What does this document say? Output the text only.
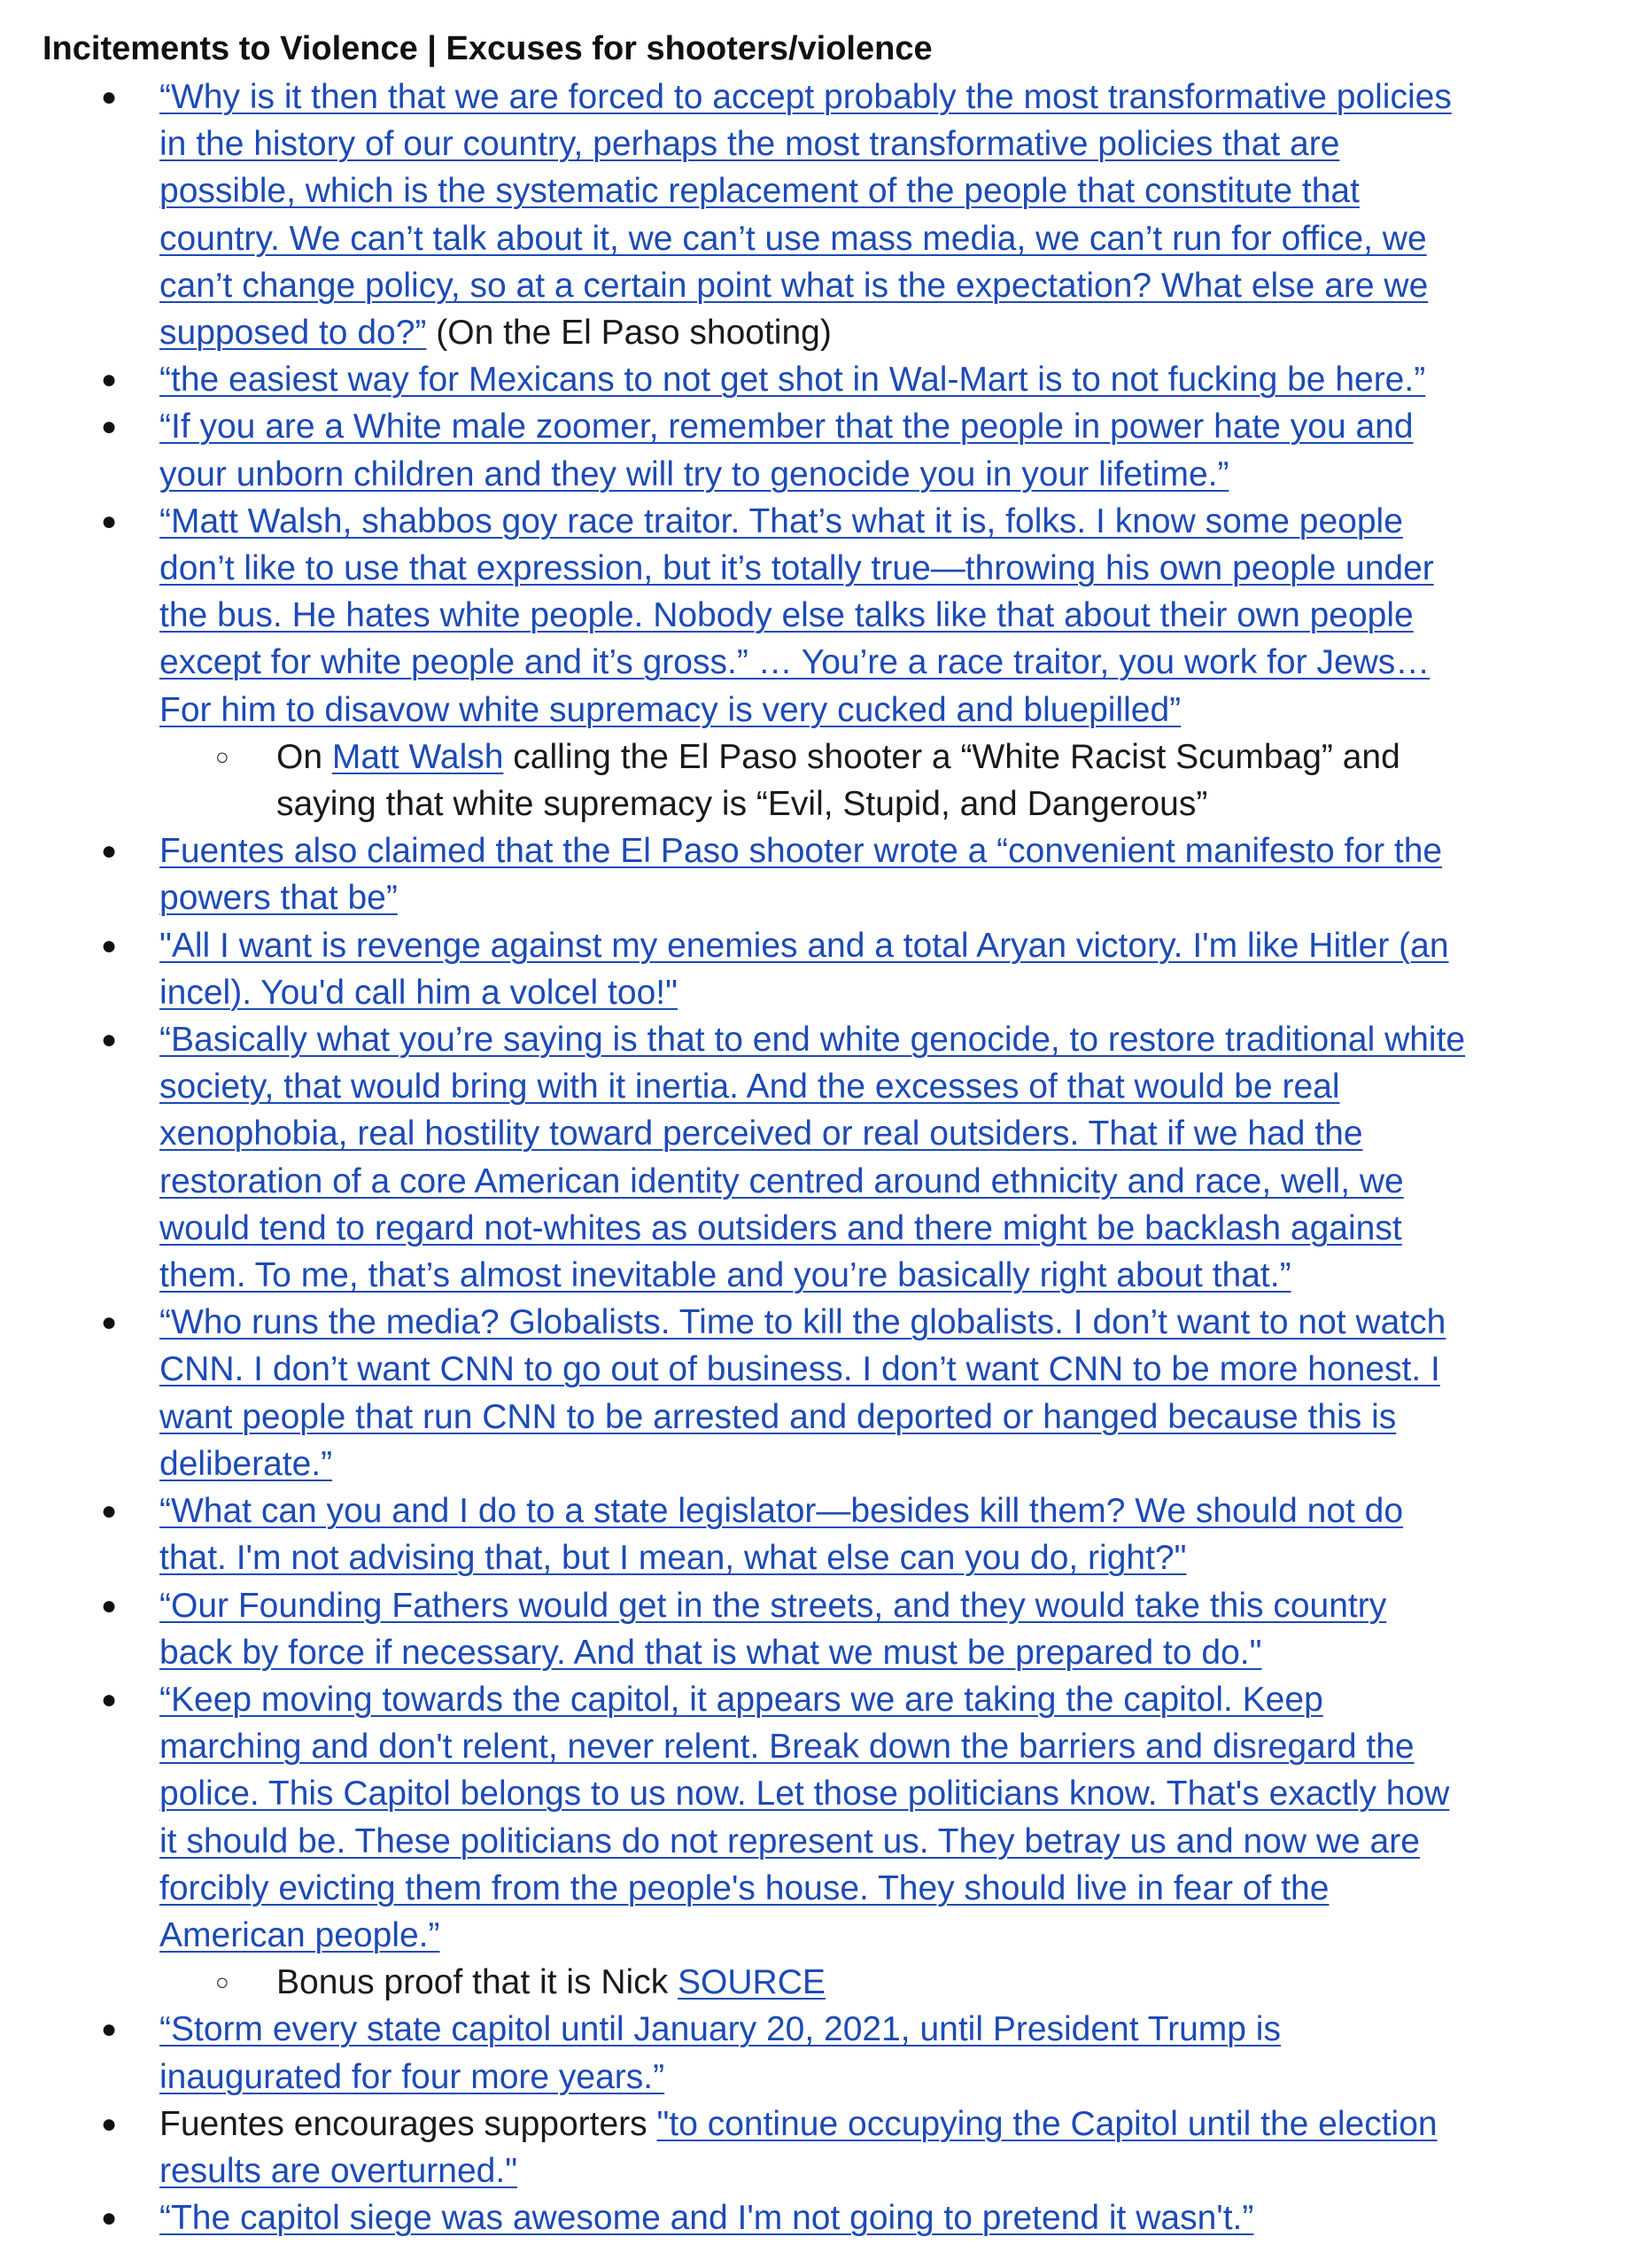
Incitements to Violence | Excuses for shooters/violence
● “Why is it then that we are forced to accept probably the most transformative policies in the history of our country, perhaps the most transformative policies that are possible, which is the systematic replacement of the people that constitute that country. We can’t talk about it, we can’t use mass media, we can’t run for office, we can’t change policy, so at a certain point what is the expectation? What else are we supposed to do?” (On the El Paso shooting)
● “the easiest way for Mexicans to not get shot in Wal-Mart is to not fucking be here.”
● “If you are a White male zoomer, remember that the people in power hate you and your unborn children and they will try to genocide you in your lifetime.”
● “Matt Walsh, shabbos goy race traitor. That’s what it is, folks. I know some people don’t like to use that expression, but it’s totally true—throwing his own people under the bus. He hates white people. Nobody else talks like that about their own people except for white people and it’s gross.” … You’re a race traitor, you work for Jews… For him to disavow white supremacy is very cucked and bluepilled”
○ On Matt Walsh calling the El Paso shooter a “White Racist Scumbag” and saying that white supremacy is “Evil, Stupid, and Dangerous”
● Fuentes also claimed that the El Paso shooter wrote a “convenient manifesto for the powers that be”
● "All I want is revenge against my enemies and a total Aryan victory. I'm like Hitler (an incel). You'd call him a volcel too!"
● “Basically what you’re saying is that to end white genocide, to restore traditional white society, that would bring with it inertia. And the excesses of that would be real xenophobia, real hostility toward perceived or real outsiders. That if we had the restoration of a core American identity centred around ethnicity and race, well, we would tend to regard not-whites as outsiders and there might be backlash against them. To me, that’s almost inevitable and you’re basically right about that.”
● “Who runs the media? Globalists. Time to kill the globalists. I don’t want to not watch CNN. I don’t want CNN to go out of business. I don’t want CNN to be more honest. I want people that run CNN to be arrested and deported or hanged because this is deliberate.”
● “What can you and I do to a state legislator—besides kill them? We should not do that. I'm not advising that, but I mean, what else can you do, right?"
● “Our Founding Fathers would get in the streets, and they would take this country back by force if necessary. And that is what we must be prepared to do."
● “Keep moving towards the capitol, it appears we are taking the capitol. Keep marching and don't relent, never relent. Break down the barriers and disregard the police. This Capitol belongs to us now. Let those politicians know. That's exactly how it should be. These politicians do not represent us. They betray us and now we are forcibly evicting them from the people's house. They should live in fear of the American people.”
○ Bonus proof that it is Nick SOURCE
● “Storm every state capitol until January 20, 2021, until President Trump is inaugurated for four more years.”
● Fuentes encourages supporters "to continue occupying the Capitol until the election results are overturned."
● “The capitol siege was awesome and I'm not going to pretend it wasn't.”
